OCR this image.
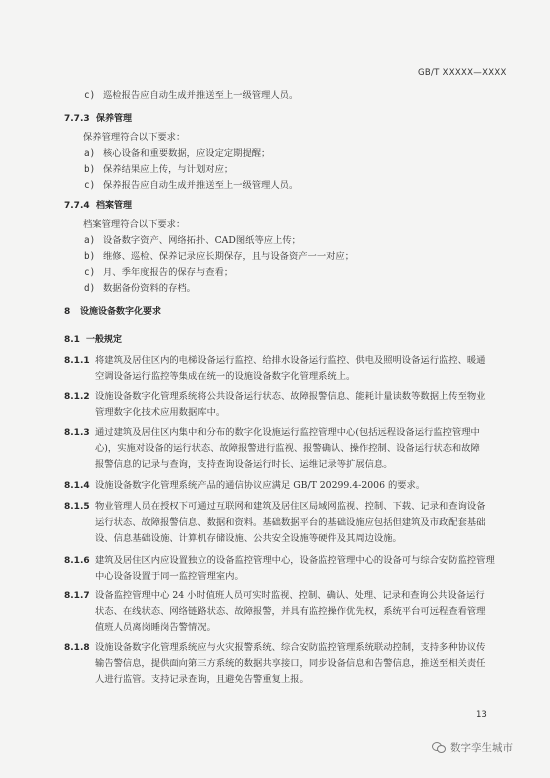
GB/T XXXXX—XXXX
c) 巡检报告应自动生成并推送至上一级管理人员。
7.7.3 保养管理
保养管理符合以下要求：
a) 核心设备和重要数据，应设定定期提醒；
b) 保养结果应上传，与计划对应；
c) 保养报告应自动生成并推送至上一级管理人员。
7.7.4 档案管理
档案管理符合以下要求：
a) 设备数字资产、网络拓扑、CAD图纸等应上传；
b) 维修、巡检、保养记录应长期保存，且与设备资产一一对应；
c) 月、季年度报告的保存与查看；
d) 数据备份资料的存档。
8 设施设备数字化要求
8.1 一般规定
8.1.1 将建筑及居住区内的电梯设备运行监控、给排水设备运行监控、供电及照明设备运行监控、暖通
空调设备运行监控等集成在统一的设施设备数字化管理系统上。
8.1.2 设施设备数字化管理系统将公共设备运行状态、故障报警信息、能耗计量读数等数据上传至物业
管理数字化技术应用数据库中。
8.1.3 通过建筑及居住区内集中和分布的数字化设施运行监控管理中心(包括远程设备运行监控管理中
心)，实施对设备的运行状态、故障报警进行监视、报警确认、操作控制、设备运行状态和故障
报警信息的记录与查询，支持查询设备运行时长、运维记录等扩展信息。
8.1.4 设施设备数字化管理系统产品的通信协议应满足 GB/T 20299.4-2006 的要求。
8.1.5 物业管理人员在授权下可通过互联网和建筑及居住区局域网监视、控制、下载、记录和查询设备
运行状态、故障报警信息、数据和资料。基础数据平台的基础设施应包括但建筑及市政配套基础
设、信息基础设施、计算机存储设施、公共安全设施等硬件及其周边设施。
8.1.6 建筑及居住区内应设置独立的设备监控管理中心，设备监控管理中心的设备可与综合安防监控管理
中心设备设置于同一监控管理室内。
8.1.7 设备监控管理中心 24 小时值班人员可实时监视、控制、确认、处理、记录和查询公共设备运行
状态、在线状态、网络链路状态、故障报警，并具有监控操作优先权，系统平台可远程查看管理
值班人员离岗睡岗告警情况。
8.1.8 设施设备数字化管理系统应与火灾报警系统、综合安防监控管理系统联动控制，支持多种协议传
输告警信息，提供面向第三方系统的数据共享接口，同步设备信息和告警信息，推送至相关责任
人进行监管。支持记录查询，且避免告警重复上报。
13
数字孪生城市
